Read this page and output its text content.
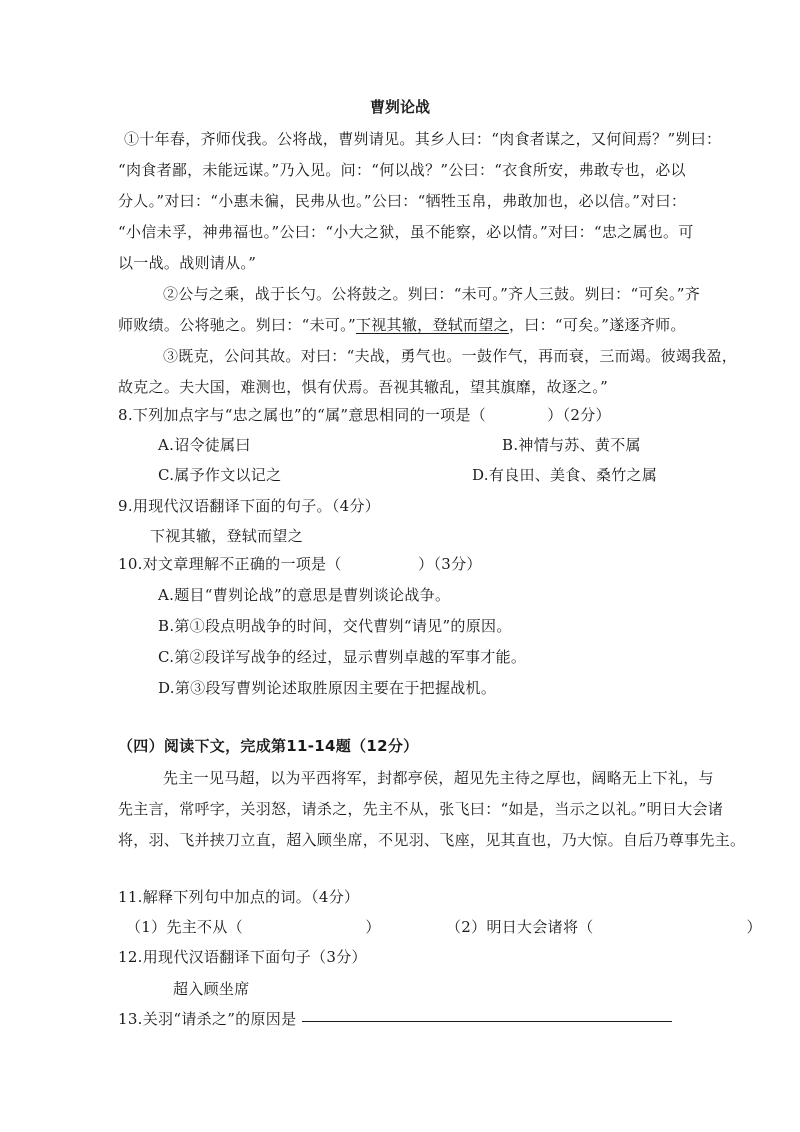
曹刿论战
①十年春，齐师伐我。公将战，曹刿请见。其乡人曰：“肉食者谋之，又何间焉？”刿曰：
“肉食者鄙，未能远谋。”乃入见。问：“何以战？”公曰：“衣食所安，弗敢专也，必以
分人。”对曰：“小惠未徧，民弗从也。”公曰：“牺牲玉帛，弗敢加也，必以信。”对曰：
“小信未孚，神弗福也。”公曰：“小大之狱，虽不能察，必以情。”对曰：“忠之属也。可
以一战。战则请从。”
②公与之乘，战于长勺。公将鼓之。刿曰：“未可。”齐人三鼓。刿曰：“可矣。”齐
师败绩。公将驰之。刿曰：“未可。”下视其辙，登轼而望之，曰：“可矣。”遂逐齐师。
③既克，公问其故。对曰：“夫战，勇气也。一鼓作气，再而衰，三而竭。彼竭我盈，
故克之。夫大国，难测也，惧有伏焉。吾视其辙乱，望其旗靡，故逐之。”
8.下列加点字与“忠之属也”的“属”意思相同的一项是（　　　　）（2分）
A.诏令徒属曰	B.神情与苏、黄不属
C.属予作文以记之	D.有良田、美食、桑竹之属
9.用现代汉语翻译下面的句子。（4分）
下视其辙，登轼而望之
10.对文章理解不正确的一项是（　　　　　）（3分）
A.题目“曹刿论战”的意思是曹刿谈论战争。
B.第①段点明战争的时间，交代曹刿“请见”的原因。
C.第②段详写战争的经过，显示曹刿卓越的军事才能。
D.第③段写曹刿论述取胜原因主要在于把握战机。
（四）阅读下文，完成第11-14题（12分）
先主一见马超，以为平西将军，封都亭侯，超见先主待之厚也，阔略无上下礼，与
先主言，常呼字，关羽怒，请杀之，先主不从，张飞曰：“如是，当示之以礼。”明日大会诸
将，羽、飞并挟刀立直，超入顾坐席，不见羽、飞座，见其直也，乃大惊。自后乃尊事先主。
11.解释下列句中加点的词。（4分）
（1）先主不从（　　　　　　　　）	（2）明日大会诸将（　　　　　　　　　　）
12.用现代汉语翻译下面句子（3分）
超入顾坐席
13.关羽“请杀之”的原因是
